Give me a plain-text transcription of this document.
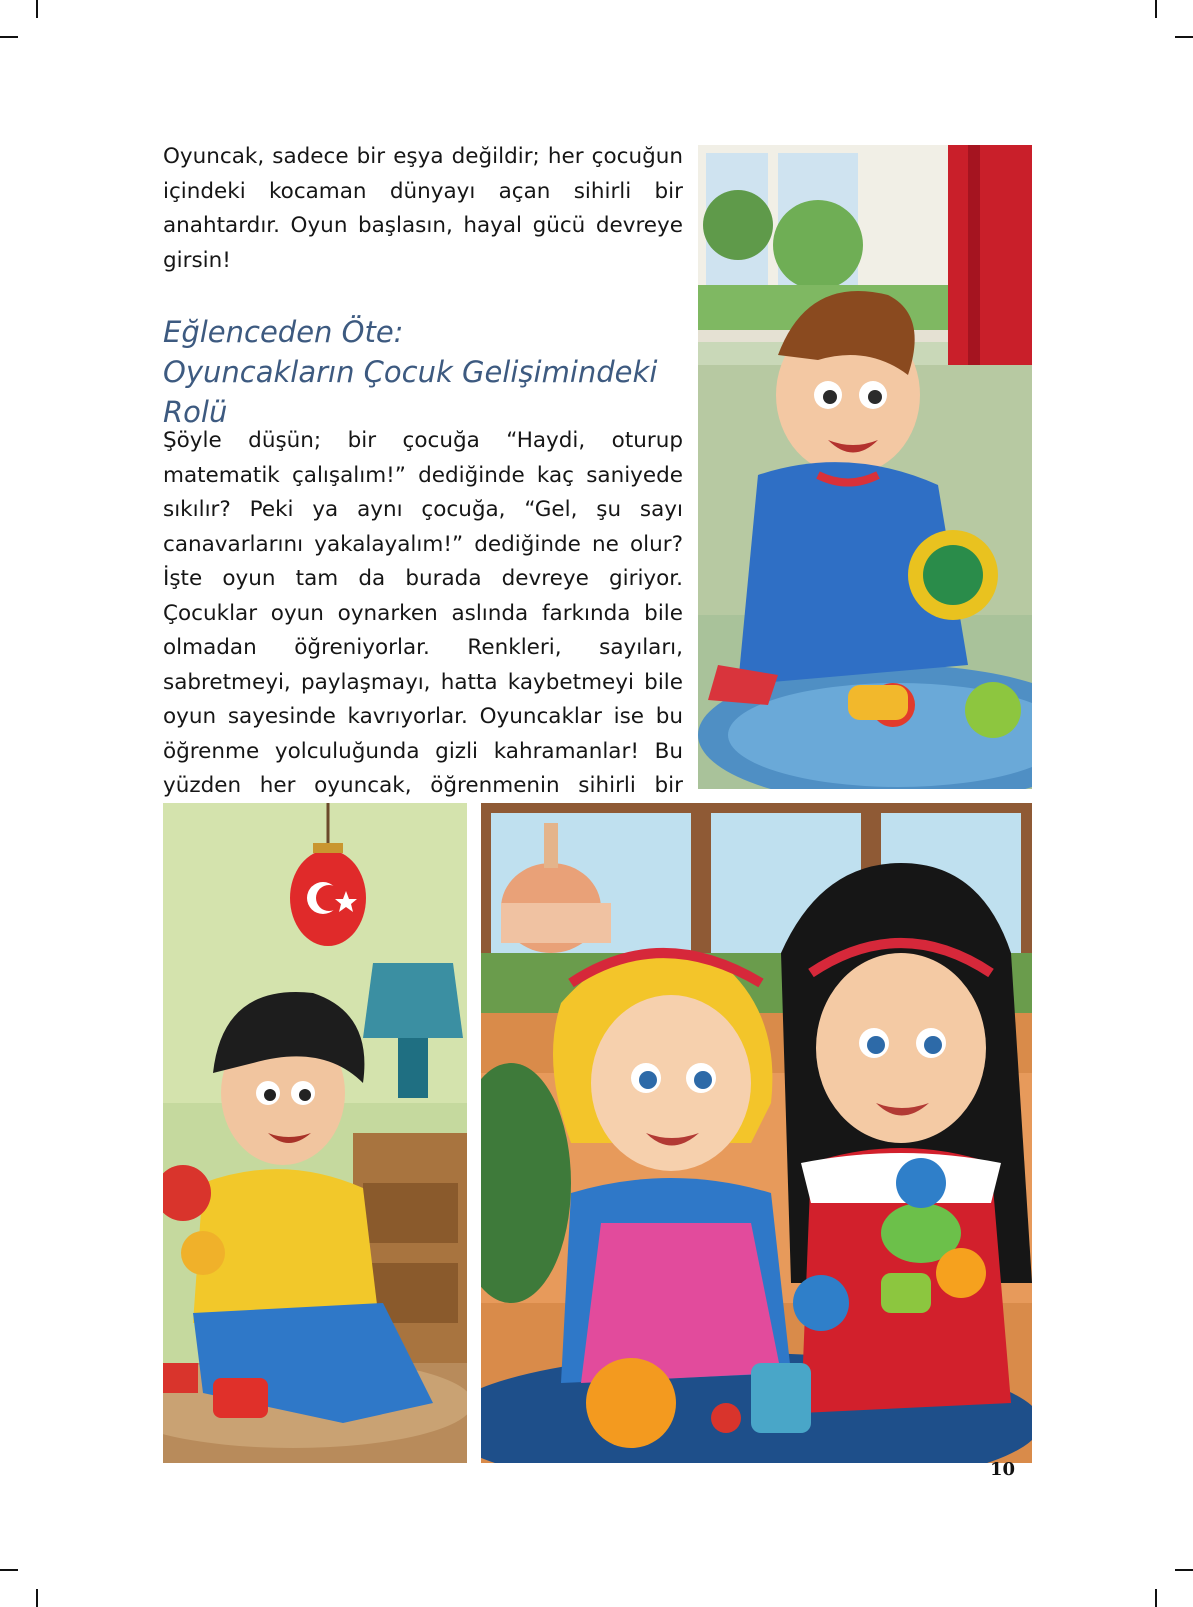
Oyuncak, sadece bir eşya değildir; her çocuğun içindeki kocaman dünyayı açan sihirli bir anahtardır. Oyun başlasın, hayal gücü devreye girsin!

Eğlenceden Öte:
Oyuncakların Çocuk Gelişimindeki Rolü

Şöyle düşün; bir çocuğa “Haydi, oturup matematik çalışalım!” dediğinde kaç saniyede sıkılır? Peki ya aynı çocuğa, “Gel, şu sayı canavarlarını yakalayalım!” dediğinde ne olur? İşte oyun tam da burada devreye giriyor. Çocuklar oyun oynarken aslında farkında bile olmadan öğreniyorlar. Renkleri, sayıları, sabretmeyi, paylaşmayı, hatta kaybetmeyi bile oyun sayesinde kavrıyorlar. Oyuncaklar ise bu öğrenme yolculuğunda gizli kahramanlar! Bu yüzden her oyuncak, öğrenmenin sihirli bir

10
